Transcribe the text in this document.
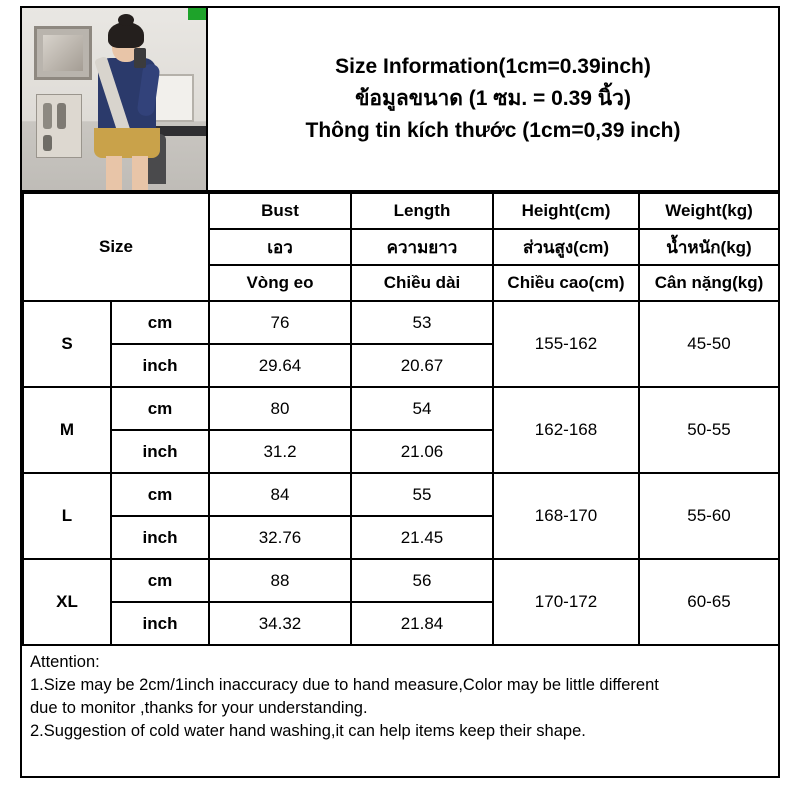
Size Information(1cm=0.39inch)
ข้อมูลขนาด (1 ซม. = 0.39 นิ้ว)
Thông tin kích thước (1cm=0,39 inch)
Size		Bust	Length	Height(cm)	Weight(kg)
		เอว	ความยาว	ส่วนสูง(cm)	น้ำหนัก(kg)
		Vòng eo	Chiều dài	Chiều cao(cm)	Cân nặng(kg)
S	cm	76	53	155-162	45-50
	inch	29.64	20.67		
M	cm	80	54	162-168	50-55
	inch	31.2	21.06		
L	cm	84	55	168-170	55-60
	inch	32.76	21.45		
XL	cm	88	56	170-172	60-65
	inch	34.32	21.84		

Attention:

1.Size may be 2cm/1inch inaccuracy due to hand measure,Color may be little different

due to monitor ,thanks for your understanding.

2.Suggestion of cold water hand washing,it can help items keep their shape.
